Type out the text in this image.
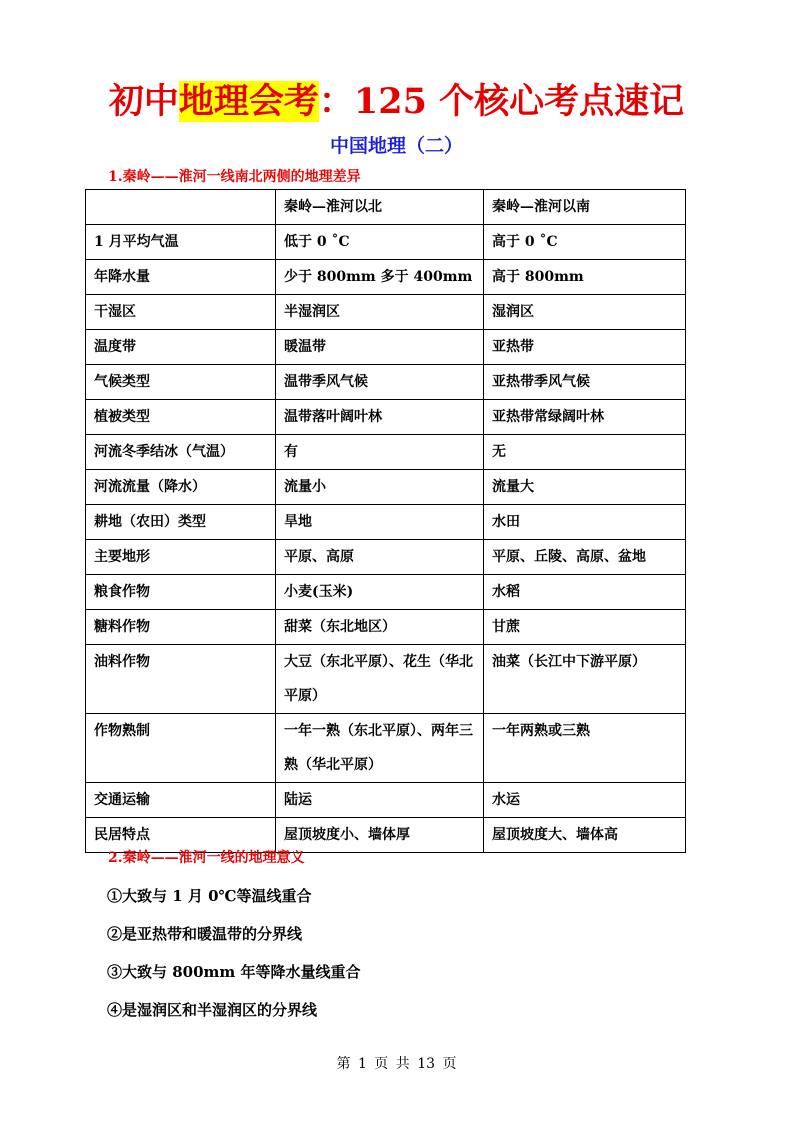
初中地理会考：125 个核心考点速记
中国地理（二）
1.秦岭——淮河一线南北两侧的地理差异
	秦岭—淮河以北	秦岭—淮河以南
1 月平均气温	低于 0 ˚C	高于 0 ˚C
年降水量	少于 800mm 多于 400mm	高于 800mm
干湿区	半湿润区	湿润区
温度带	暖温带	亚热带
气候类型	温带季风气候	亚热带季风气候
植被类型	温带落叶阔叶林	亚热带常绿阔叶林
河流冬季结冰（气温）	有	无
河流流量（降水）	流量小	流量大
耕地（农田）类型	旱地	水田
主要地形	平原、高原	平原、丘陵、高原、盆地
粮食作物	小麦(玉米)	水稻
糖料作物	甜菜（东北地区）	甘蔗
油料作物	大豆（东北平原）、花生（华北平原）	油菜（长江中下游平原）
作物熟制	一年一熟（东北平原）、两年三熟（华北平原）	一年两熟或三熟
交通运输	陆运	水运
民居特点	屋顶坡度小、墙体厚	屋顶坡度大、墙体高
2.秦岭——淮河一线的地理意义
①大致与 1 月 0℃等温线重合
②是亚热带和暖温带的分界线
③大致与 800mm 年等降水量线重合
④是湿润区和半湿润区的分界线
第 1 页 共 13 页
